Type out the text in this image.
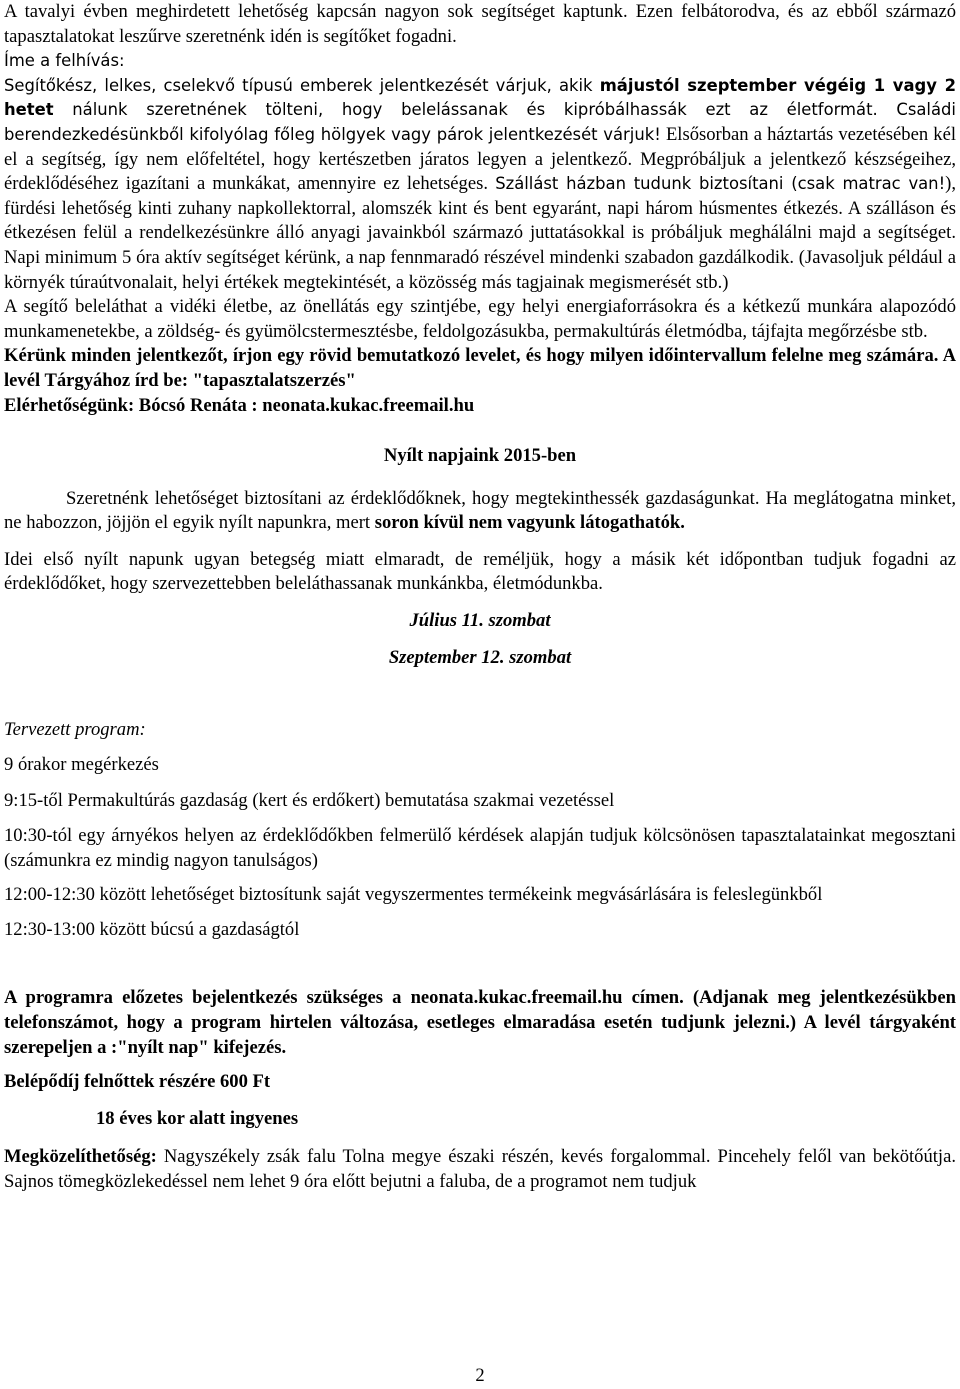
A tavalyi évben meghirdetett lehetőség kapcsán nagyon sok segítséget kaptunk. Ezen felbátorodva, és az ebből származó tapasztalatokat leszűrve szeretnénk idén is segítőket fogadni.

Íme a felhívás:

Segítőkész, lelkes, cselekvő típusú emberek jelentkezését várjuk, akik májustól szeptember végéig 1 vagy 2 hetet nálunk szeretnének tölteni, hogy belelássanak és kipróbálhassák ezt az életformát. Családi berendezkedésünkből kifolyólag főleg hölgyek vagy párok jelentkezését várjuk! Elsősorban a háztartás vezetésében kél el a segítség, így nem előfeltétel, hogy kertészetben járatos legyen a jelentkező. Megpróbáljuk a jelentkező készségeihez, érdeklődéséhez igazítani a munkákat, amennyire ez lehetséges. Szállást házban tudunk biztosítani (csak matrac van!), fürdési lehetőség kinti zuhany napkollektorral, alomszék kint és bent egyaránt, napi három húsmentes étkezés. A szálláson és étkezésen felül a rendelkezésünkre álló anyagi javainkból származó juttatásokkal is próbáljuk meghálálni majd a segítséget. Napi minimum 5 óra aktív segítséget kérünk, a nap fennmaradó részével mindenki szabadon gazdálkodik. (Javasoljuk például a környék túraútvonalait, helyi értékek megtekintését, a közösség más tagjainak megismerését stb.)

A segítő beleláthat a vidéki életbe, az önellátás egy szintjébe, egy helyi energiaforrásokra és a kétkezű munkára alapozódó munkamenetekbe, a zöldség- és gyümölcstermesztésbe, feldolgozásukba, permakultúrás életmódba, tájfajta megőrzésbe stb.

Kérünk minden jelentkezőt, írjon egy rövid bemutatkozó levelet, és hogy milyen időintervallum felelne meg számára. A levél Tárgyához írd be: "tapasztalatszerzés"

Elérhetőségünk: Bócsó Renáta : neonata.kukac.freemail.hu

Nyílt napjaink 2015-ben

Szeretnénk lehetőséget biztosítani az érdeklődőknek, hogy megtekinthessék gazdaságunkat. Ha meglátogatna minket, ne habozzon, jöjjön el egyik nyílt napunkra, mert soron kívül nem vagyunk látogathatók.

Idei első nyílt napunk ugyan betegség miatt elmaradt, de reméljük, hogy a másik két időpontban tudjuk fogadni az érdeklődőket, hogy szervezettebben beleláthassanak munkánkba, életmódunkba.

Július 11. szombat

Szeptember 12. szombat

Tervezett program:

9 órakor megérkezés

9:15-től Permakultúrás gazdaság (kert és erdőkert) bemutatása szakmai vezetéssel

10:30-tól egy árnyékos helyen az érdeklődőkben felmerülő kérdések alapján tudjuk kölcsönösen tapasztalatainkat megosztani (számunkra ez mindig nagyon tanulságos)

12:00-12:30 között lehetőséget biztosítunk saját vegyszermentes termékeink megvásárlására is feleslegünkből

12:30-13:00 között búcsú a gazdaságtól

A programra előzetes bejelentkezés szükséges a neonata.kukac.freemail.hu címen. (Adjanak meg jelentkezésükben telefonszámot, hogy a program hirtelen változása, esetleges elmaradása esetén tudjunk jelezni.) A levél tárgyaként szerepeljen a :"nyílt nap" kifejezés.

Belépődíj felnőttek részére 600 Ft

18 éves kor alatt ingyenes

Megközelíthetőség: Nagyszékely zsák falu Tolna megye északi részén, kevés forgalommal. Pincehely felől van bekötőútja. Sajnos tömegközlekedéssel nem lehet 9 óra előtt bejutni a faluba, de a programot nem tudjuk

2
